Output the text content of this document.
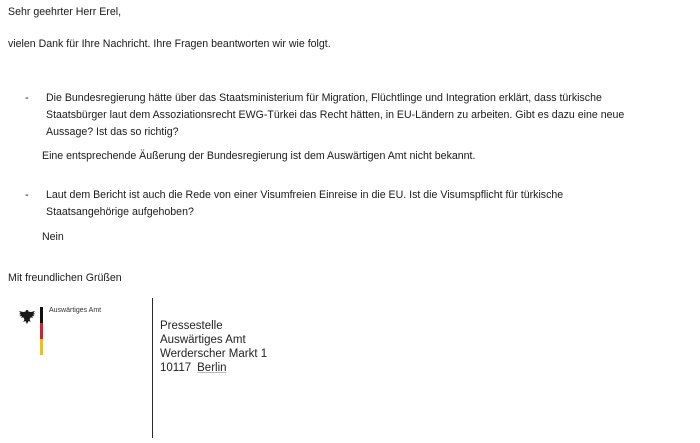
Sehr geehrter Herr Erel,
vielen Dank für Ihre Nachricht. Ihre Fragen beantworten wir wie folgt.
- Die Bundesregierung hätte über das Staatsministerium für Migration, Flüchtlinge und Integration erklärt, dass türkische Staatsbürger laut dem Assoziationsrecht EWG-Türkei das Recht hätten, in EU-Ländern zu arbeiten. Gibt es dazu eine neue Aussage? Ist das so richtig?
Eine entsprechende Äußerung der Bundesregierung ist dem Auswärtigen Amt nicht bekannt.
- Laut dem Bericht ist auch die Rede von einer Visumfreien Einreise in die EU. Ist die Visumspflicht für türkische Staatsangehörige aufgehoben?
Nein
Mit freundlichen Grüßen
Auswärtiges Amt
Pressestelle
Auswärtiges Amt
Werderscher Markt 1
10117 Berlin
